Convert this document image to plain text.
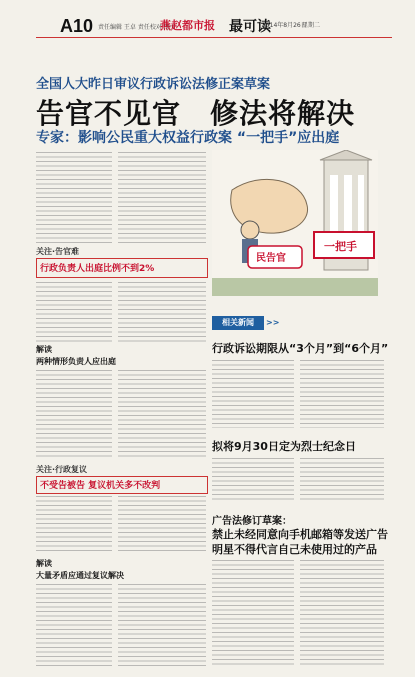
A10 责任编辑 王卓 责任校对 胡文
燕赵都市报 最可读
2014年8月26日
星期二
全国人大昨日审议行政诉讼法修正案草案
告官不见官　修法将解决
专家：影响公民重大权益行政案 “一把手”应出庭
关注·告官难
行政负责人出庭比例不到2%
解读
两种情形负责人应出庭
关注·行政复议
不受告被告 复议机关多不改判
解读
大量矛盾应通过复议解决
民告官
一把手
相关新闻	>>
行政诉讼期限从“3个月”到“6个月”
拟将9月30日定为烈士纪念日
广告法修订草案：
禁止未经同意向手机邮箱等发送广告
明星不得代言自己未使用过的产品
